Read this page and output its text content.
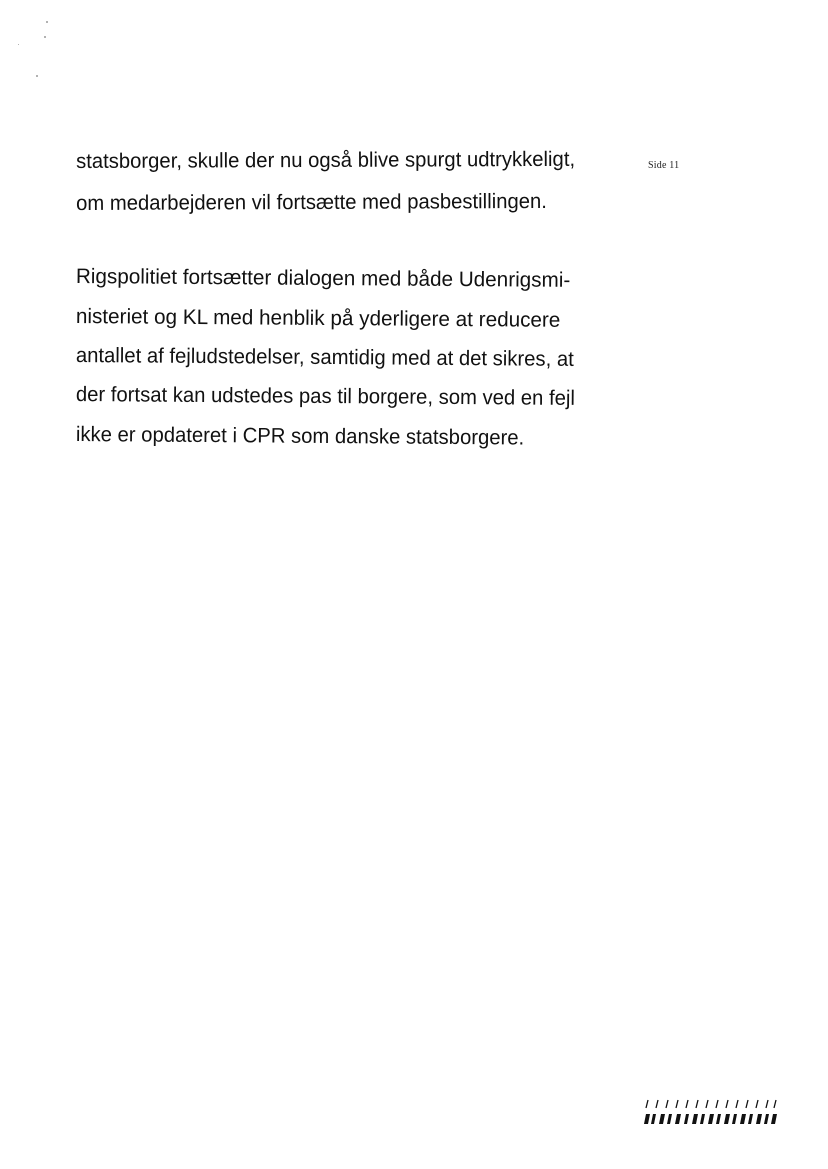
Side 11
statsborger, skulle der nu også blive spurgt udtrykkeligt,
om medarbejderen vil fortsætte med pasbestillingen.
Rigspolitiet fortsætter dialogen med både Udenrigsmi-
nisteriet og KL med henblik på yderligere at reducere
antallet af fejludstedelser, samtidig med at det sikres, at
der fortsat kan udstedes pas til borgere, som ved en fejl
ikke er opdateret i CPR som danske statsborgere.
